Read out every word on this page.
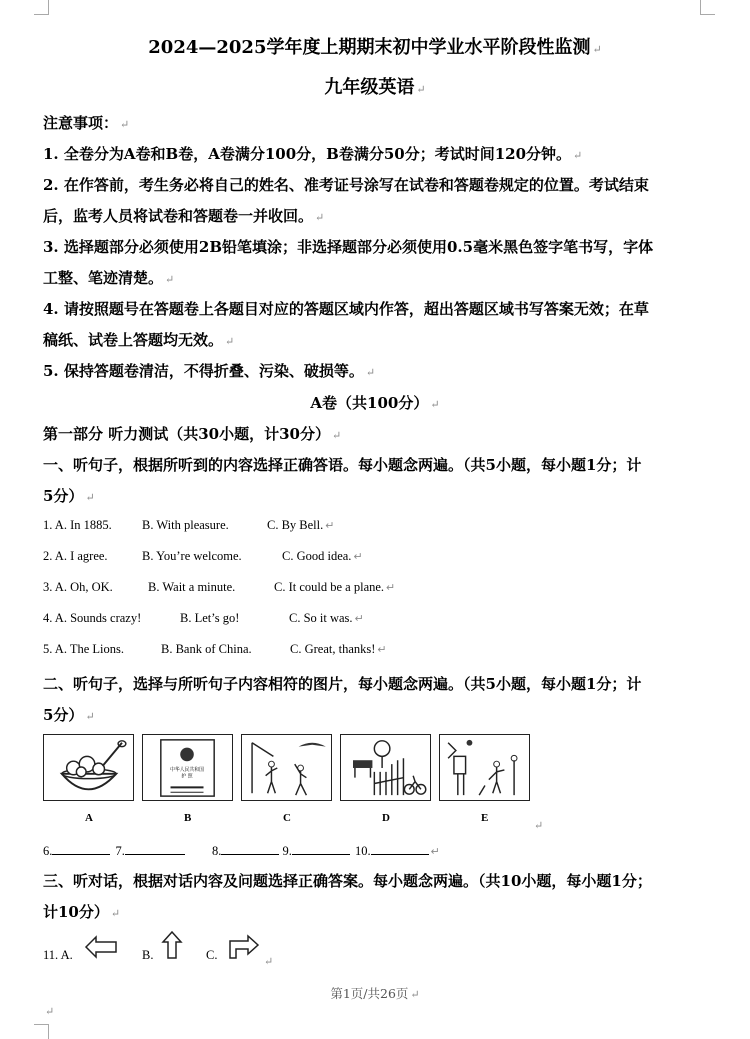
2024—2025学年度上期期末初中学业水平阶段性监测 ↵
九年级英语 ↵
注意事项： ↵
1. 全卷分为A卷和B卷，A卷满分100分，B卷满分50分；考试时间120分钟。 ↵
2. 在作答前，考生务必将自己的姓名、准考证号涂写在试卷和答题卷规定的位置。考试结束
后，监考人员将试卷和答题卷一并收回。 ↵
3. 选择题部分必须使用2B铅笔填涂；非选择题部分必须使用0.5毫米黑色签字笔书写，字体
工整、笔迹清楚。 ↵
4. 请按照题号在答题卷上各题目对应的答题区域内作答，超出答题区域书写答案无效；在草
稿纸、试卷上答题均无效。 ↵
5. 保持答题卷清洁，不得折叠、污染、破损等。 ↵
A卷（共100分） ↵
第一部分 听力测试（共30小题，计30分） ↵
一、听句子，根据所听到的内容选择正确答语。每小题念两遍。（共5小题，每小题1分；计
5分） ↵
1. A. In 1885. B. With pleasure.	C. By Bell. ↵
2. A. I agree.	B. You’re welcome.	C. Good idea. ↵
3. A. Oh, OK.	B. Wait a minute.	C. It could be a plane. ↵
4. A. Sounds crazy!	B. Let’s go!	C. So it was. ↵
5. A. The Lions.	B. Bank of China.	C. Great, thanks! ↵
二、听句子，选择与所听句子内容相符的图片，每小题念两遍。（共5小题，每小题1分；计
5分） ↵
中华人民共和国
护 照
A	B	C	D	E
↵
6.	7.	8.	9.	10.	↵
三、听对话，根据对话内容及问题选择正确答案。每小题念两遍。（共10小题，每小题1分；
计10分） ↵
11. A.	B.	C.	↵
第1页/共26页 ↵
↵
